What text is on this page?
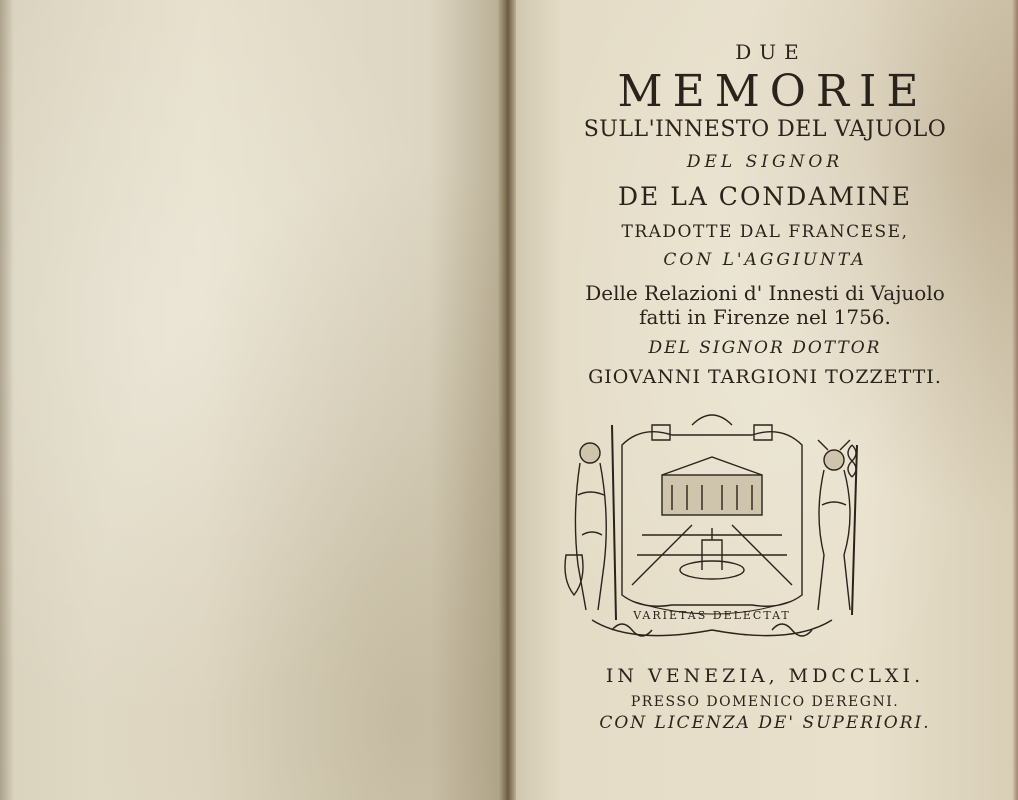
DUE

MEMORIE

SULL'INNESTO DEL VAJUOLO

DEL SIGNOR

DE LA CONDAMINE

TRADOTTE DAL FRANCESE,

CON L'AGGIUNTA

Delle Relazioni d' Innesti di Vajuolo

fatti in Firenze nel 1756.

DEL SIGNOR DOTTOR

GIOVANNI TARGIONI TOZZETTI.

VARIETAS DELECTAT

IN VENEZIA, MDCCLXI.

PRESSO DOMENICO DEREGNI.

CON LICENZA DE' SUPERIORI.
